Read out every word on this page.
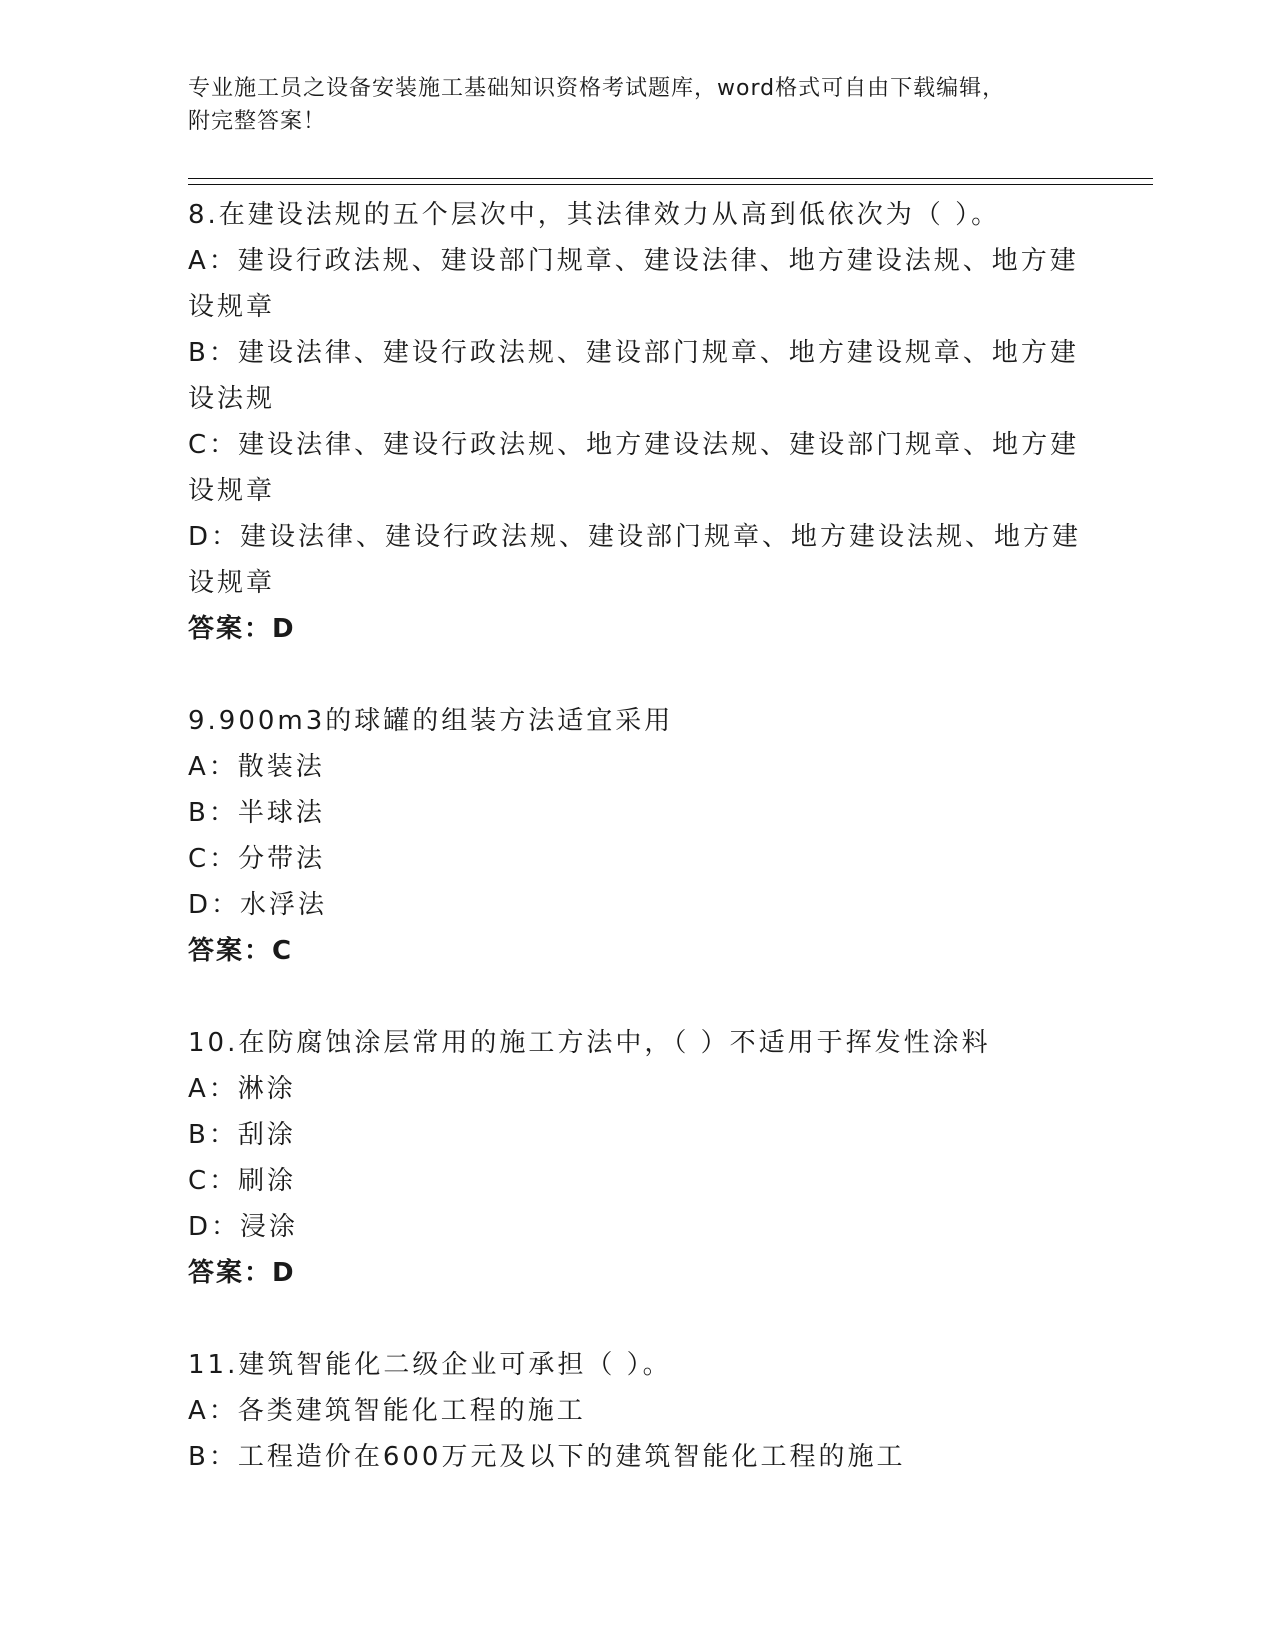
专业施工员之设备安装施工基础知识资格考试题库，word格式可自由下载编辑，
附完整答案！
8.在建设法规的五个层次中，其法律效力从高到低依次为（ ）。
A：建设行政法规、建设部门规章、建设法律、地方建设法规、地方建
设规章
B：建设法律、建设行政法规、建设部门规章、地方建设规章、地方建
设法规
C：建设法律、建设行政法规、地方建设法规、建设部门规章、地方建
设规章
D：建设法律、建设行政法规、建设部门规章、地方建设法规、地方建
设规章
答案：D
9.900m3的球罐的组装方法适宜采用
A：散装法
B：半球法
C：分带法
D：水浮法
答案：C
10.在防腐蚀涂层常用的施工方法中，（ ）不适用于挥发性涂料
A：淋涂
B：刮涂
C：刷涂
D：浸涂
答案：D
11.建筑智能化二级企业可承担（ ）。
A：各类建筑智能化工程的施工
B：工程造价在600万元及以下的建筑智能化工程的施工
